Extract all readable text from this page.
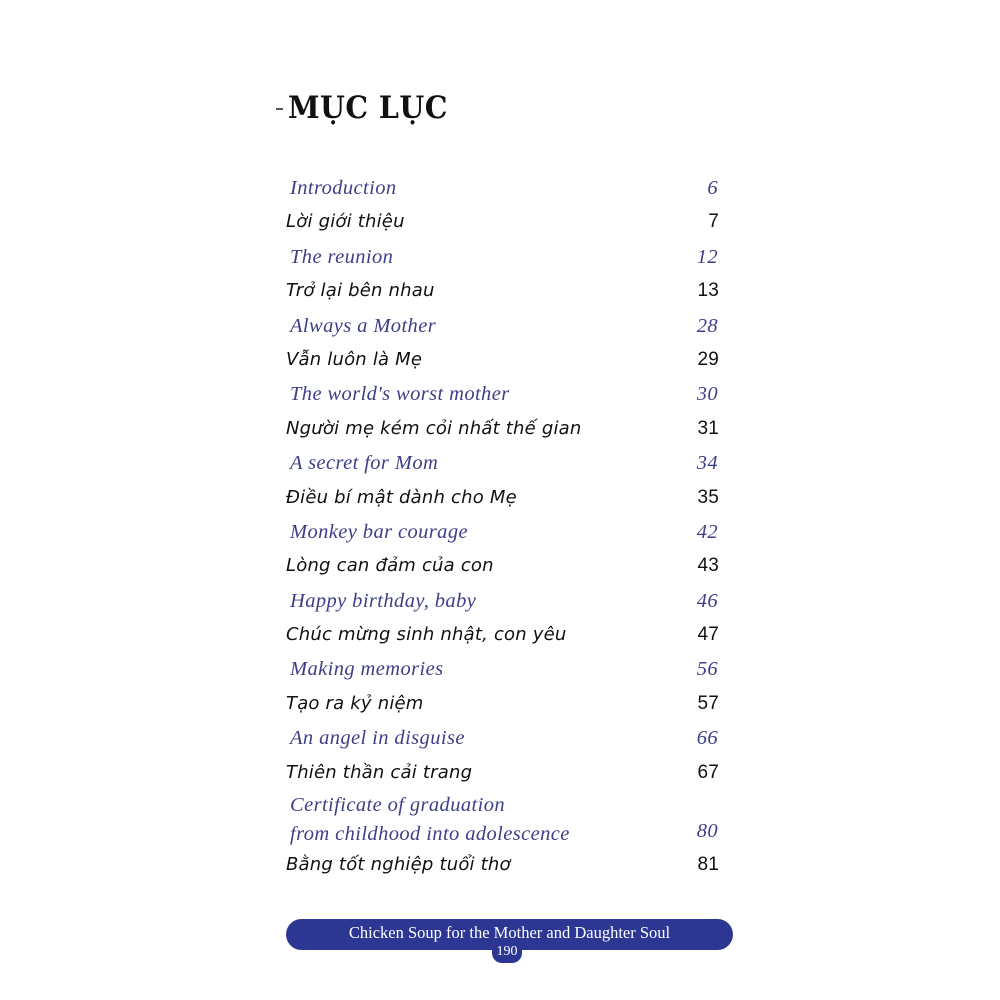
MỤC LỤC
Introduction	6
Lời giới thiệu	7
The reunion	12
Trở lại bên nhau	13
Always a Mother	28
Vẫn luôn là Mẹ	29
The world's worst mother	30
Người mẹ kém cỏi nhất thế gian	31
A secret for Mom	34
Điều bí mật dành cho Mẹ	35
Monkey bar courage	42
Lòng can đảm của con	43
Happy birthday, baby	46
Chúc mừng sinh nhật, con yêu	47
Making memories	56
Tạo ra kỷ niệm	57
An angel in disguise	66
Thiên thần cải trang	67
Certificate of graduation
from childhood into adolescence	80
Bằng tốt nghiệp tuổi thơ	81
Chicken Soup for the Mother and Daughter Soul
190
